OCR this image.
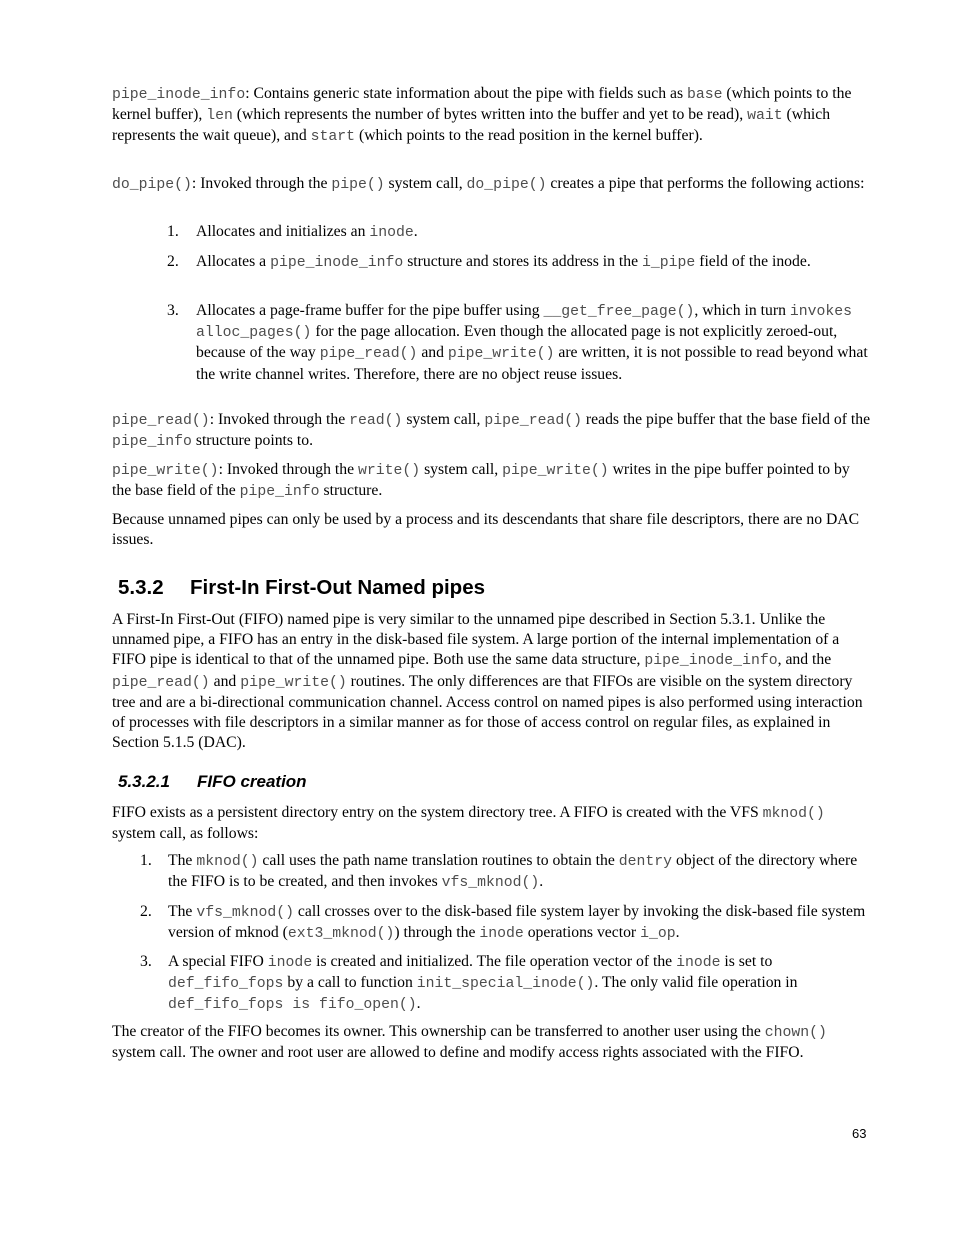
pipe_inode_info: Contains generic state information about the pipe with fields such as base (which points to the kernel buffer), len (which represents the number of bytes written into the buffer and yet to be read), wait (which represents the wait queue), and start (which points to the read position in the kernel buffer).
do_pipe(): Invoked through the pipe() system call, do_pipe() creates a pipe that performs the following actions:
1. Allocates and initializes an inode.
2. Allocates a pipe_inode_info structure and stores its address in the i_pipe field of the inode.
3. Allocates a page-frame buffer for the pipe buffer using __get_free_page(), which in turn invokes alloc_pages() for the page allocation. Even though the allocated page is not explicitly zeroed-out, because of the way pipe_read() and pipe_write() are written, it is not possible to read beyond what the write channel writes. Therefore, there are no object reuse issues.
pipe_read(): Invoked through the read() system call, pipe_read() reads the pipe buffer that the base field of the pipe_info structure points to.
pipe_write(): Invoked through the write() system call, pipe_write() writes in the pipe buffer pointed to by the base field of the pipe_info structure.
Because unnamed pipes can only be used by a process and its descendants that share file descriptors, there are no DAC issues.
5.3.2 First-In First-Out Named pipes
A First-In First-Out (FIFO) named pipe is very similar to the unnamed pipe described in Section 5.3.1. Unlike the unnamed pipe, a FIFO has an entry in the disk-based file system. A large portion of the internal implementation of a FIFO pipe is identical to that of the unnamed pipe. Both use the same data structure, pipe_inode_info, and the pipe_read() and pipe_write() routines. The only differences are that FIFOs are visible on the system directory tree and are a bi-directional communication channel. Access control on named pipes is also performed using interaction of processes with file descriptors in a similar manner as for those of access control on regular files, as explained in Section 5.1.5 (DAC).
5.3.2.1 FIFO creation
FIFO exists as a persistent directory entry on the system directory tree. A FIFO is created with the VFS mknod() system call, as follows:
1. The mknod() call uses the path name translation routines to obtain the dentry object of the directory where the FIFO is to be created, and then invokes vfs_mknod().
2. The vfs_mknod() call crosses over to the disk-based file system layer by invoking the disk-based file system version of mknod (ext3_mknod()) through the inode operations vector i_op.
3. A special FIFO inode is created and initialized. The file operation vector of the inode is set to def_fifo_fops by a call to function init_special_inode(). The only valid file operation in def_fifo_fops is fifo_open().
The creator of the FIFO becomes its owner. This ownership can be transferred to another user using the chown() system call. The owner and root user are allowed to define and modify access rights associated with the FIFO.
63
